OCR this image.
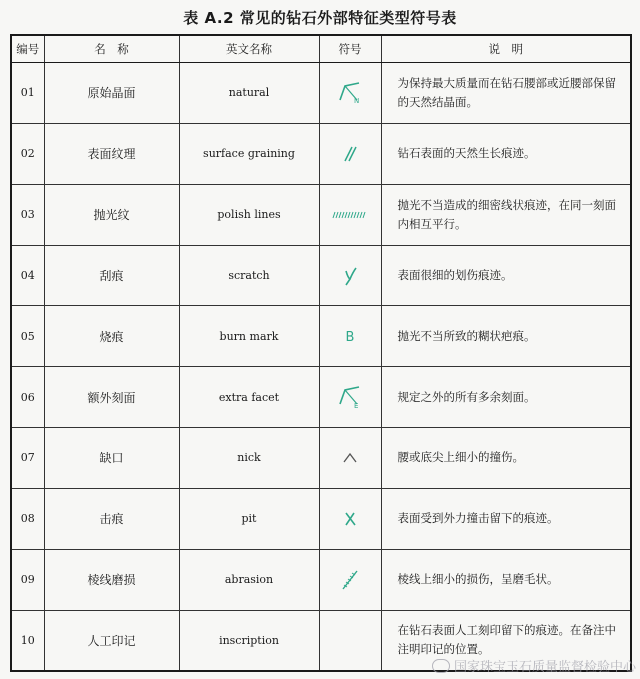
表 A.2 常见的钻石外部特征类型符号表
编号	名　称	英文名称	符号	说　明
01	原始晶面	natural	N	为保持最大质量而在钻石腰部或近腰部保留的天然结晶面。
02	表面纹理	surface graining		钻石表面的天然生长痕迹。
03	抛光纹	polish lines		抛光不当造成的细密线状痕迹，在同一刻面内相互平行。
04	刮痕	scratch		表面很细的划伤痕迹。
05	烧痕	burn mark	B	抛光不当所致的糊状疤痕。
06	额外刻面	extra facet	E	规定之外的所有多余刻面。
07	缺口	nick		腰或底尖上细小的撞伤。
08	击痕	pit		表面受到外力撞击留下的痕迹。
09	棱线磨损	abrasion		棱线上细小的损伤，呈磨毛状。
10	人工印记	inscription		在钻石表面人工刻印留下的痕迹。在备注中注明印记的位置。
国家珠宝玉石质量监督检验中心
